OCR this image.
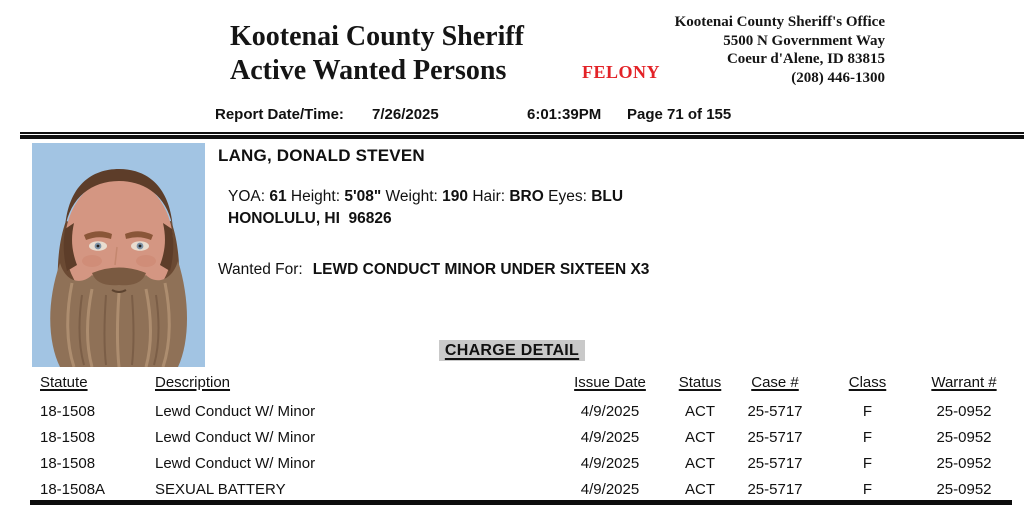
Kootenai County Sheriff
Active Wanted Persons	FELONY
Kootenai County Sheriff's Office
5500 N Government Way
Coeur d'Alene, ID 83815
(208) 446-1300
Report Date/Time: 7/26/2025	6:01:39PM Page 71 of 155
LANG, DONALD STEVEN
YOA: 61 Height: 5'08" Weight: 190 Hair: BRO Eyes: BLU
HONOLULU, HI  96826
Wanted For: LEWD CONDUCT MINOR UNDER SIXTEEN X3
CHARGE DETAIL
Statute	Description	Issue Date	Status	Case #	Class	Warrant #
18-1508	Lewd Conduct W/ Minor	4/9/2025	ACT	25-5717	F	25-0952
18-1508	Lewd Conduct W/ Minor	4/9/2025	ACT	25-5717	F	25-0952
18-1508	Lewd Conduct W/ Minor	4/9/2025	ACT	25-5717	F	25-0952
18-1508A	SEXUAL BATTERY	4/9/2025	ACT	25-5717	F	25-0952
